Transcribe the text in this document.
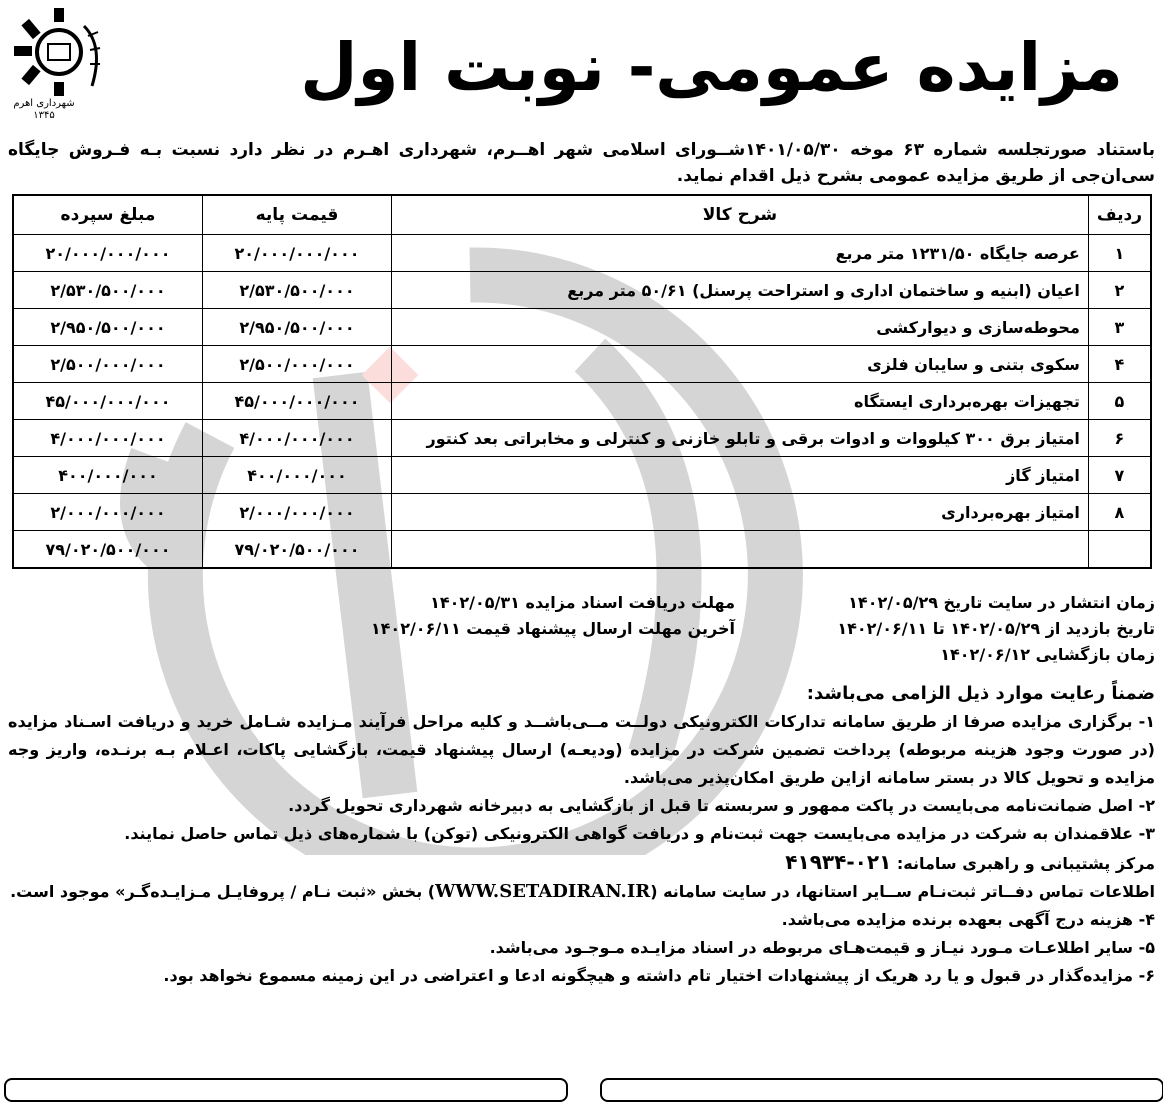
شهرداری اهرم
۱۳۴۵
مزایده عمومی- نوبت اول
باستناد صورتجلسه شماره ۶۳ موخه ۱۴۰۱/۰۵/۳۰شــورای اسلامی شهر اهــرم، شهرداری اهـرم در نظر دارد نسبت بـه فـروش جایگاه سی‌ان‌جی از طریق مزایده عمومی بشرح ذیل اقدام نماید.
ردیف	شرح کالا	قیمت پایه	مبلغ سپرده
۱	عرصه جایگاه ۱۲۳۱/۵۰ متر مربع	۲۰/۰۰۰/۰۰۰/۰۰۰	۲۰/۰۰۰/۰۰۰/۰۰۰
۲	اعیان (ابنیه و ساختمان اداری و استراحت پرسنل) ۵۰/۶۱ متر مربع	۲/۵۳۰/۵۰۰/۰۰۰	۲/۵۳۰/۵۰۰/۰۰۰
۳	محوطه‌سازی و دیوارکشی	۲/۹۵۰/۵۰۰/۰۰۰	۲/۹۵۰/۵۰۰/۰۰۰
۴	سکوی بتنی و سایبان فلزی	۲/۵۰۰/۰۰۰/۰۰۰	۲/۵۰۰/۰۰۰/۰۰۰
۵	تجهیزات بهره‌برداری ایستگاه	۴۵/۰۰۰/۰۰۰/۰۰۰	۴۵/۰۰۰/۰۰۰/۰۰۰
۶	امتیاز برق ۳۰۰ کیلووات و ادوات برقی و تابلو خازنی و کنترلی و مخابراتی بعد کنتور	۴/۰۰۰/۰۰۰/۰۰۰	۴/۰۰۰/۰۰۰/۰۰۰
۷	امتیاز گاز	۴۰۰/۰۰۰/۰۰۰	۴۰۰/۰۰۰/۰۰۰
۸	امتیاز بهره‌برداری	۲/۰۰۰/۰۰۰/۰۰۰	۲/۰۰۰/۰۰۰/۰۰۰
		۷۹/۰۲۰/۵۰۰/۰۰۰	۷۹/۰۲۰/۵۰۰/۰۰۰
زمان انتشار در سایت تاریخ ۱۴۰۲/۰۵/۲۹
تاریخ بازدید از ۱۴۰۲/۰۵/۲۹ تا ۱۴۰۲/۰۶/۱۱
زمان بازگشایی ۱۴۰۲/۰۶/۱۲
مهلت دریافت اسناد مزایده ۱۴۰۲/۰۵/۳۱
آخرین مهلت ارسال پیشنهاد قیمت ۱۴۰۲/۰۶/۱۱

ضمناً رعایت موارد ذیل الزامی می‌باشد:

۱- برگزاری مزایده صرفا از طریق سامانه تدارکات الکترونیکی دولــت مــی‌باشــد و کلیه مراحل فرآیند مـزایده شـامل خرید و دریافت اسـناد مزایده (در صورت وجود هزینه مربوطه) پرداخت تضمین شرکت در مزایده (ودیعـه) ارسال پیشنهاد قیمت، بازگشایی پاکات، اعـلام بـه برنـده، واریز وجه مزایده و تحویل کالا در بستر سامانه ازاین طریق امکان‌پذیر می‌باشد.

۲- اصل ضمانت‌نامه می‌بایست در پاکت ممهور و سربسته تا قبل از بازگشایی به دبیرخانه شهرداری تحویل گردد.

۳- علاقمندان به شرکت در مزایده می‌بایست جهت ثبت‌نام و دریافت گواهی الکترونیکی (توکن) با شماره‌های ذیل تماس حاصل نمایند.

مرکز پشتیبانی و راهبری سامانه: ۰۲۱-۴۱۹۳۴

اطلاعات تماس دفــاتر ثبت‌نـام ســایر استانها، در سایت سامانه (WWW.SETADIRAN.IR) بخش «ثبت نـام / پروفایـل مـزایـده‌گـر» موجود است.

۴- هزینه درج آگهی بعهده برنده مزایده می‌باشد.

۵- سایر اطلاعـات مـورد نیـاز و قیمت‌هـای مربوطه در اسناد مزایـده مـوجـود می‌باشد.

۶- مزایده‌گذار در قبول و یا رد هریک از پیشنهادات اختیار تام داشته و هیچگونه ادعا و اعتراضی در این زمینه مسموع نخواهد بود.
